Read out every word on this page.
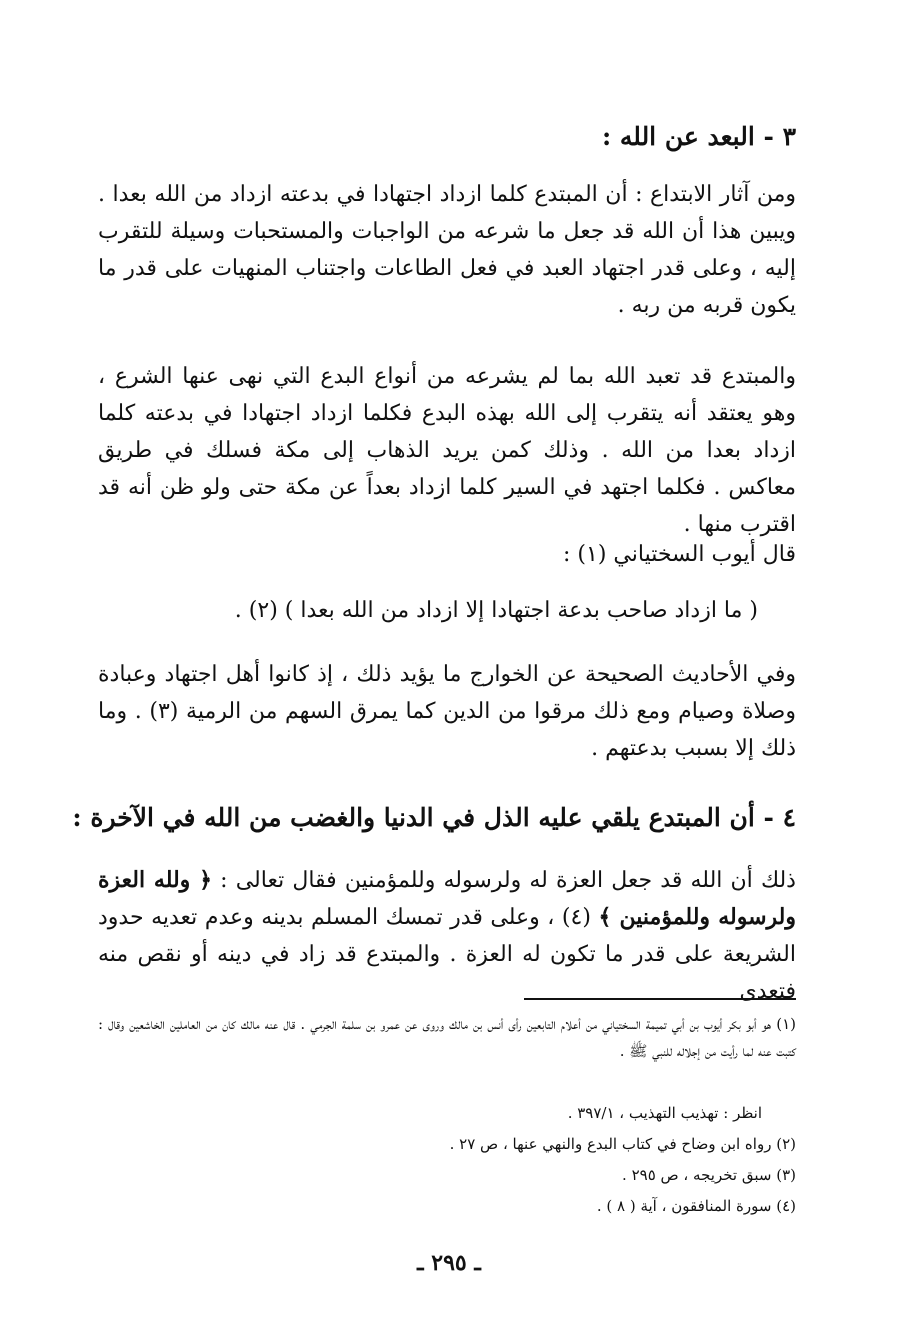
٣ - البعد عن الله :
ومن آثار الابتداع : أن المبتدع كلما ازداد اجتهادا في بدعته ازداد من الله بعدا . ويبين هذا أن الله قد جعل ما شرعه من الواجبات والمستحبات وسيلة للتقرب إليه ، وعلى قدر اجتهاد العبد في فعل الطاعات واجتناب المنهيات على قدر ما يكون قربه من ربه .
والمبتدع قد تعبد الله بما لم يشرعه من أنواع البدع التي نهى عنها الشرع ، وهو يعتقد أنه يتقرب إلى الله بهذه البدع فكلما ازداد اجتهادا في بدعته كلما ازداد بعدا من الله . وذلك كمن يريد الذهاب إلى مكة فسلك في طريق معاكس . فكلما اجتهد في السير كلما ازداد بعداً عن مكة حتى ولو ظن أنه قد اقترب منها .
قال أيوب السختياني (١) :
( ما ازداد صاحب بدعة اجتهادا إلا ازداد من الله بعدا ) (٢) .
وفي الأحاديث الصحيحة عن الخوارج ما يؤيد ذلك ، إذ كانوا أهل اجتهاد وعبادة وصلاة وصيام ومع ذلك مرقوا من الدين كما يمرق السهم من الرمية (٣) . وما ذلك إلا بسبب بدعتهم .
٤ - أن المبتدع يلقي عليه الذل في الدنيا والغضب من الله في الآخرة :
ذلك أن الله قد جعل العزة له ولرسوله وللمؤمنين فقال تعالى : ﴿ ولله العزة ولرسوله وللمؤمنين ﴾ (٤) ، وعلى قدر تمسك المسلم بدينه وعدم تعديه حدود الشريعة على قدر ما تكون له العزة . والمبتدع قد زاد في دينه أو نقص منه فتعدى
(١) هو أبو بكر أيوب بن أبي تميمة السختياني من أعلام التابعين رأى أنس بن مالك وروى عن عمرو بن سلمة الجرمي . قال عنه مالك كان من العاملين الخاشعين وقال : كتبت عنه لما رأيت من إجلاله للنبي ﷺ .
انظر : تهذيب التهذيب ، ٣٩٧/١ .
(٢) رواه ابن وضاح في كتاب البدع والنهي عنها ، ص ٢٧ .
(٣) سبق تخريجه ، ص ٢٩٥ .
(٤) سورة المنافقون ، آية ( ٨ ) .
ـ ٢٩٥ ـ
